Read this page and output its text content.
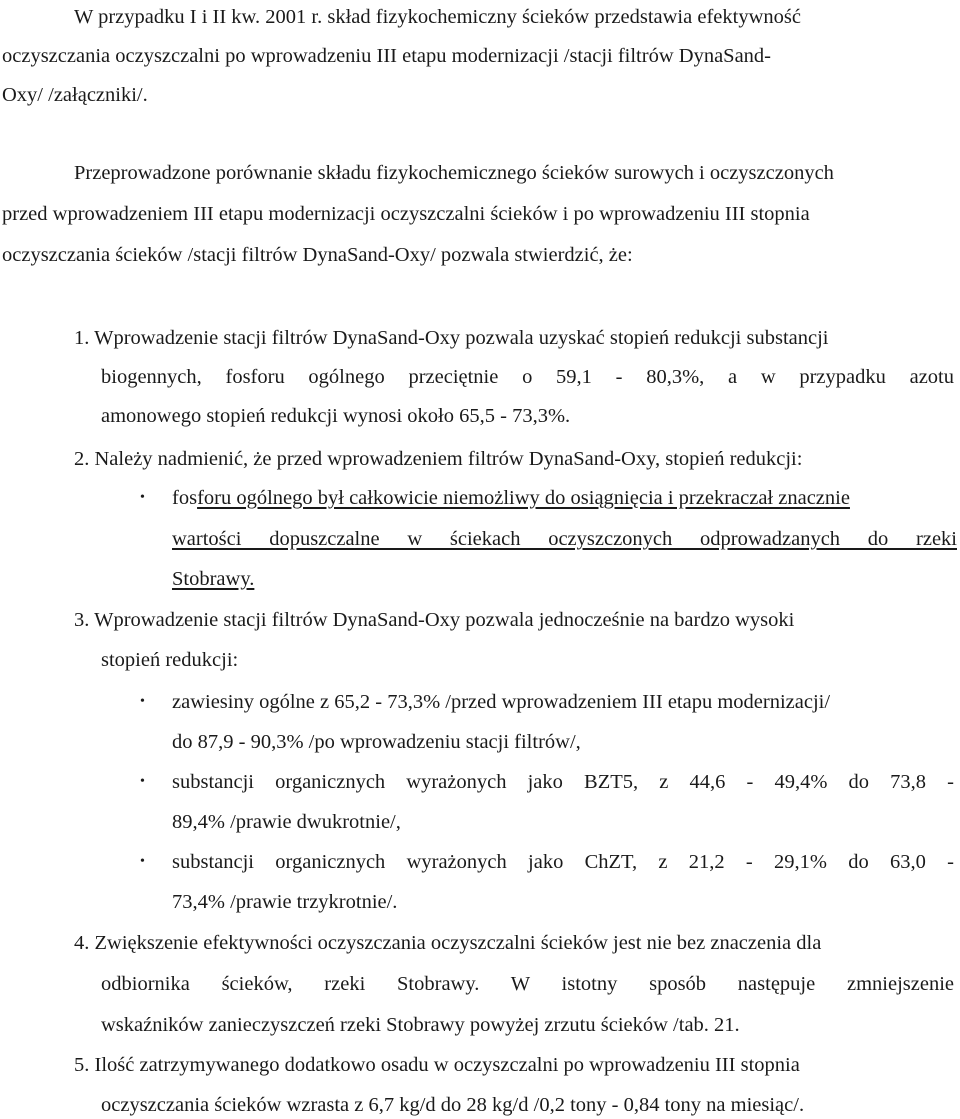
W przypadku I i II kw. 2001 r. skład fizykochemiczny ścieków przedstawia efektywność
oczyszczania oczyszczalni po wprowadzeniu III etapu modernizacji /stacji filtrów DynaSand-
Oxy/ /załączniki/.
Przeprowadzone porównanie składu fizykochemicznego ścieków surowych i oczyszczonych
przed wprowadzeniem III etapu modernizacji oczyszczalni ścieków i po wprowadzeniu III stopnia
oczyszczania ścieków /stacji filtrów DynaSand-Oxy/ pozwala stwierdzić, że:
1. Wprowadzenie stacji filtrów DynaSand-Oxy pozwala uzyskać stopień redukcji substancji
biogennych, fosforu ogólnego przeciętnie o 59,1 - 80,3%, a w przypadku azotu
amonowego stopień redukcji wynosi około 65,5 - 73,3%.
2. Należy nadmienić, że przed wprowadzeniem filtrów DynaSand-Oxy, stopień redukcji:
• fosforu ogólnego był całkowicie niemożliwy do osiągnięcia i przekraczał znacznie
wartości dopuszczalne w ściekach oczyszczonych odprowadzanych do rzeki
Stobrawy.
3. Wprowadzenie stacji filtrów DynaSand-Oxy pozwala jednocześnie na bardzo wysoki
stopień redukcji:
• zawiesiny ogólne z 65,2 - 73,3% /przed wprowadzeniem III etapu modernizacji/
do 87,9 - 90,3% /po wprowadzeniu stacji filtrów/,
• substancji organicznych wyrażonych jako BZT5, z 44,6 - 49,4% do 73,8 -
89,4% /prawie dwukrotnie/,
• substancji organicznych wyrażonych jako ChZT, z 21,2 - 29,1% do 63,0 -
73,4% /prawie trzykrotnie/.
4. Zwiększenie efektywności oczyszczania oczyszczalni ścieków jest nie bez znaczenia dla
odbiornika ścieków, rzeki Stobrawy. W istotny sposób następuje zmniejszenie
wskaźników zanieczyszczeń rzeki Stobrawy powyżej zrzutu ścieków /tab. 21.
5. Ilość zatrzymywanego dodatkowo osadu w oczyszczalni po wprowadzeniu III stopnia
oczyszczania ścieków wzrasta z 6,7 kg/d do 28 kg/d /0,2 tony - 0,84 tony na miesiąc/.
